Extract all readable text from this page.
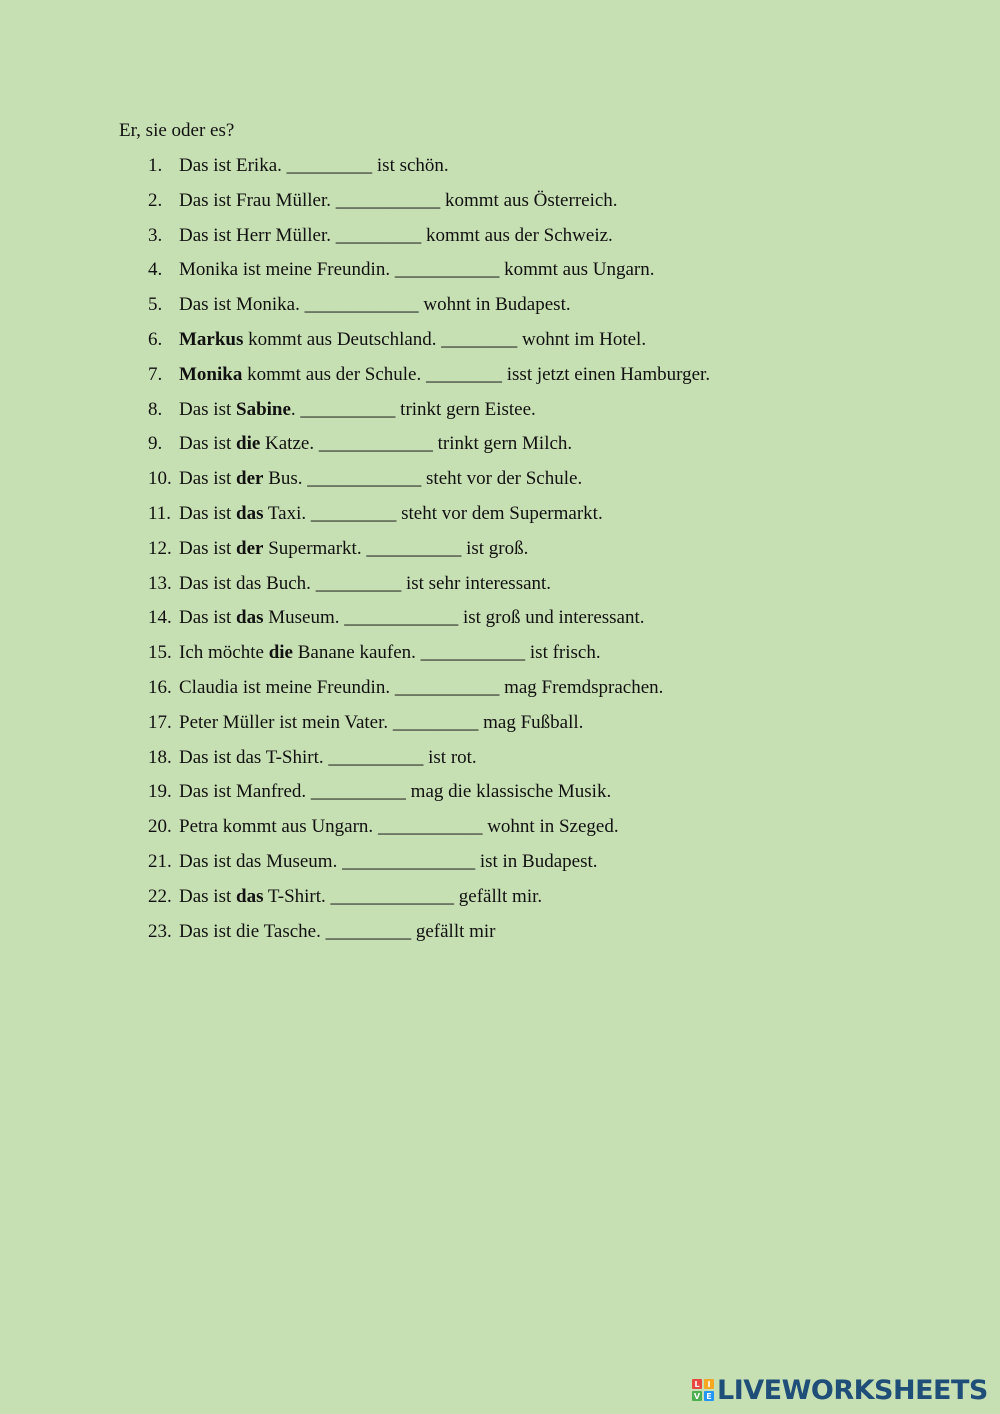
Er, sie oder es?
1. Das ist Erika. _________ ist schön.
2. Das ist Frau Müller. ___________ kommt aus Österreich.
3. Das ist Herr Müller. _________ kommt aus der Schweiz.
4. Monika ist meine Freundin. ___________ kommt aus Ungarn.
5. Das ist Monika. ____________ wohnt in Budapest.
6. Markus kommt aus Deutschland. ________ wohnt im Hotel.
7. Monika kommt aus der Schule. ________ isst jetzt einen Hamburger.
8. Das ist Sabine. __________ trinkt gern Eistee.
9. Das ist die Katze. ____________ trinkt gern Milch.
10. Das ist der Bus. ____________ steht vor der Schule.
11. Das ist das Taxi. _________ steht vor dem Supermarkt.
12. Das ist der Supermarkt. __________ ist groß.
13. Das ist das Buch. _________ ist sehr interessant.
14. Das ist das Museum. ____________ ist groß und interessant.
15. Ich möchte die Banane kaufen. ___________ ist frisch.
16. Claudia ist meine Freundin. ___________ mag Fremdsprachen.
17. Peter Müller ist mein Vater. _________ mag Fußball.
18. Das ist das T-Shirt. __________ ist rot.
19. Das ist Manfred. __________ mag die klassische Musik.
20. Petra kommt aus Ungarn. ___________ wohnt in Szeged.
21. Das ist das Museum. ______________ ist in Budapest.
22. Das ist das T-Shirt. _____________ gefällt mir.
23. Das ist die Tasche. _________ gefällt mir
L I
V E LIVEWORKSHEETS
